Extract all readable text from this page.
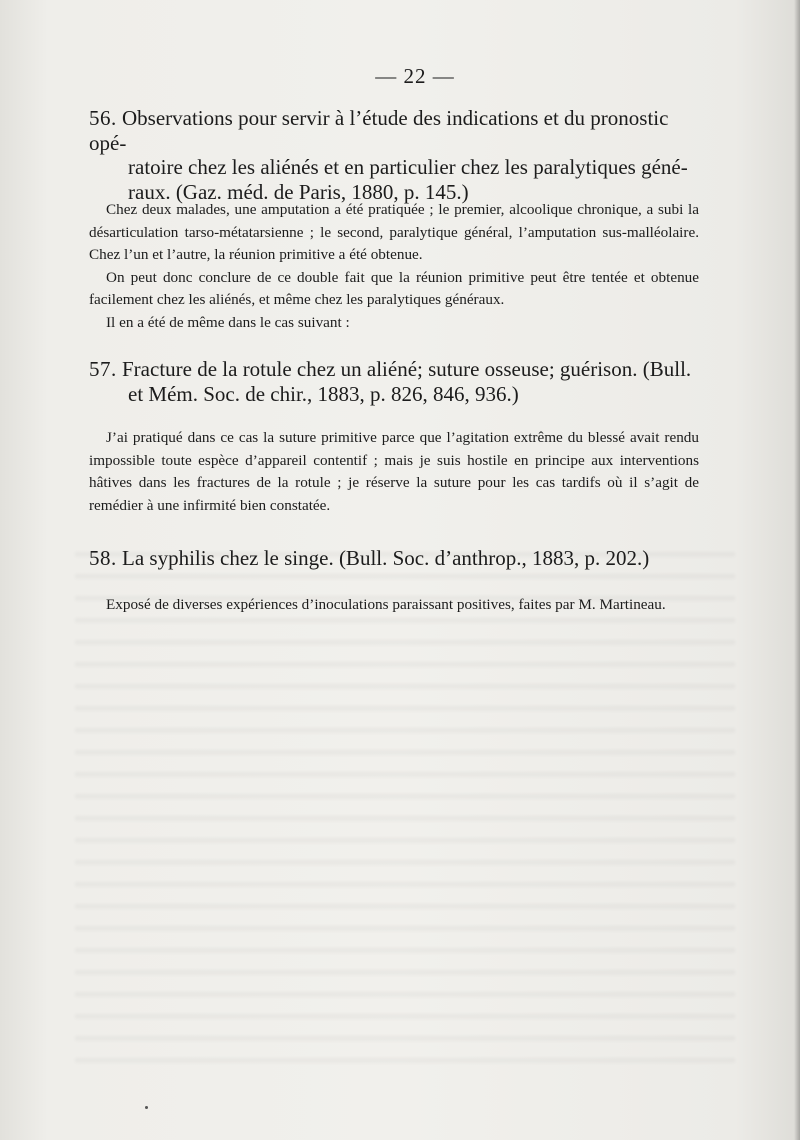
— 22 —
56. Observations pour servir à l’étude des indications et du pronostic opé-
ratoire chez les aliénés et en particulier chez les paralytiques géné-
raux. (Gaz. méd. de Paris, 1880, p. 145.)

Chez deux malades, une amputation a été pratiquée ; le premier, alcoolique chronique, a subi la désarticulation tarso-métatarsienne ; le second, paralytique général, l’amputation sus-malléolaire. Chez l’un et l’autre, la réunion primitive a été obtenue.

On peut donc conclure de ce double fait que la réunion primitive peut être tentée et obtenue facilement chez les aliénés, et même chez les paralytiques généraux.

Il en a été de même dans le cas suivant :

57. Fracture de la rotule chez un aliéné; suture osseuse; guérison. (Bull.
et Mém. Soc. de chir., 1883, p. 826, 846, 936.)

J’ai pratiqué dans ce cas la suture primitive parce que l’agitation extrême du blessé avait rendu impossible toute espèce d’appareil contentif ; mais je suis hostile en principe aux interventions hâtives dans les fractures de la rotule ; je réserve la suture pour les cas tardifs où il s’agit de remédier à une infirmité bien constatée.

58. La syphilis chez le singe. (Bull. Soc. d’anthrop., 1883, p. 202.)

Exposé de diverses expériences d’inoculations paraissant positives, faites par M. Martineau.
